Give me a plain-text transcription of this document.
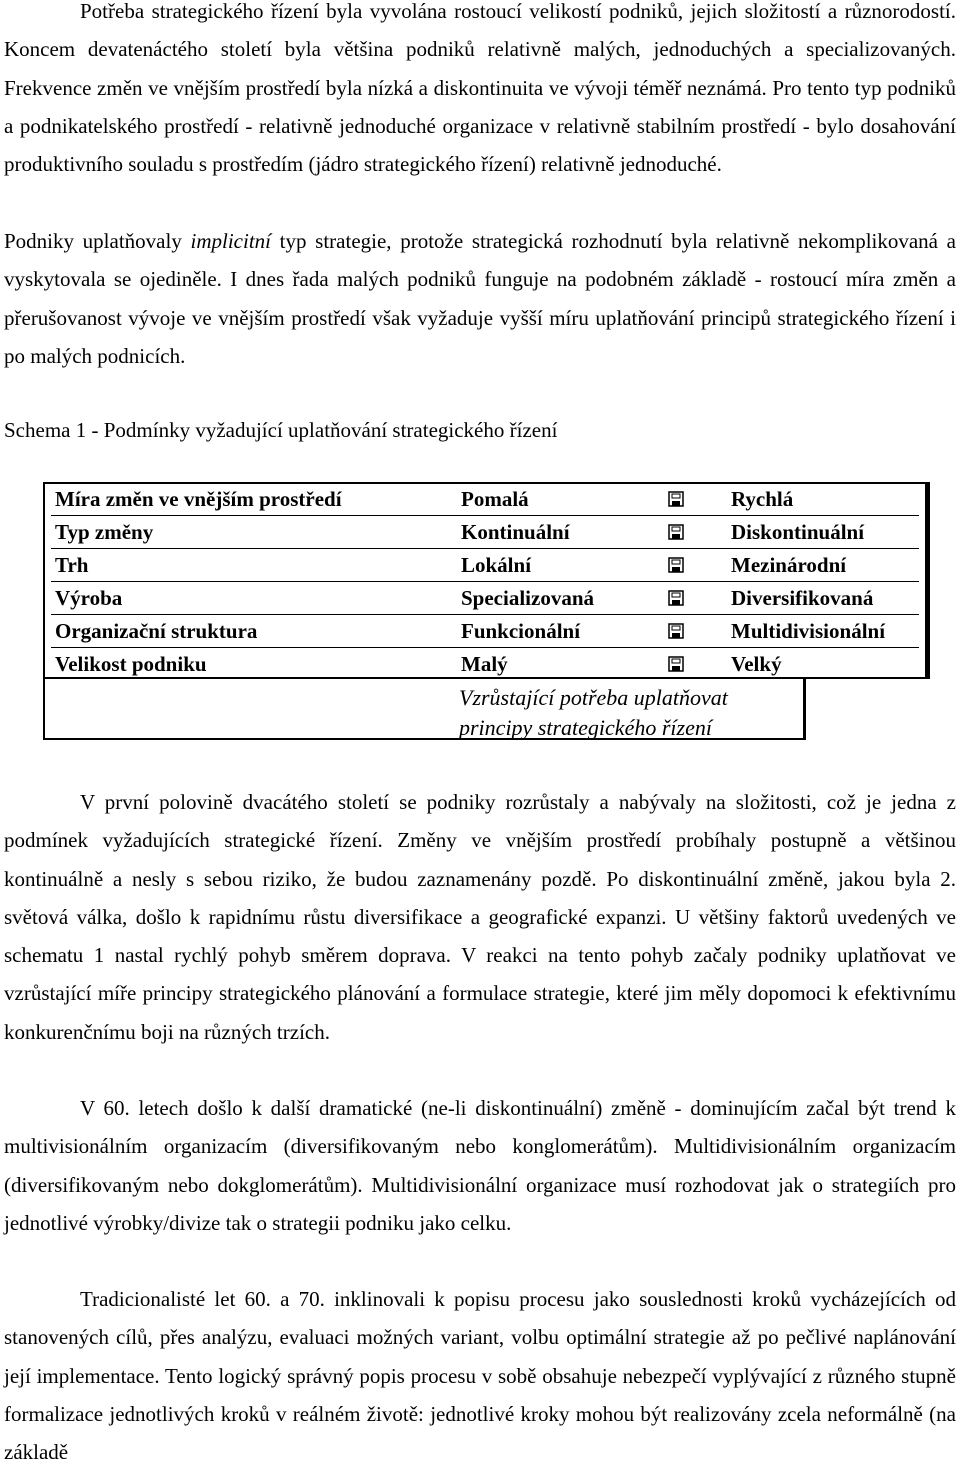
Potřeba strategického řízení byla vyvolána rostoucí velikostí podniků, jejich složitostí a různorodostí. Koncem devatenáctého století byla většina podniků relativně malých, jednoduchých a specializovaných. Frekvence změn ve vnějším prostředí byla nízká a diskontinuita ve vývoji téměř neznámá. Pro tento typ podniků a podnikatelského prostředí - relativně jednoduché organizace v relativně stabilním prostředí - bylo dosahování produktivního souladu s prostředím (jádro strategického řízení) relativně jednoduché.

Podniky uplatňovaly implicitní typ strategie, protože strategická rozhodnutí byla relativně nekomplikovaná a vyskytovala se ojediněle. I dnes řada malých podniků funguje na podobném základě - rostoucí míra změn a přerušovanost vývoje ve vnějším prostředí však vyžaduje vyšší míru uplatňování principů strategického řízení i po malých podnicích.

Schema 1 - Podmínky vyžadující uplatňování strategického řízení

Míra změn ve vnějším prostředí	Pomalá	Rychlá
Typ změny	Kontinuální	Diskontinuální
Trh	Lokální	Mezinárodní
Výroba	Specializovaná	Diversifikovaná
Organizační struktura	Funkcionální	Multidivisionální
Velikost podniku	Malý	Velký
Vzrůstající potřeba uplatňovat
principy strategického řízení

V první polovině dvacátého století se podniky rozrůstaly a nabývaly na složitosti, což je jedna z podmínek vyžadujících strategické řízení. Změny ve vnějším prostředí probíhaly postupně a většinou kontinuálně a nesly s sebou riziko, že budou zaznamenány pozdě. Po diskontinuální změně, jakou byla 2. světová válka, došlo k rapidnímu růstu diversifikace a geografické expanzi. U většiny faktorů uvedených ve schematu 1 nastal rychlý pohyb směrem doprava. V reakci na tento pohyb začaly podniky uplatňovat ve vzrůstající míře principy strategického plánování a formulace strategie, které jim měly dopomoci k efektivnímu konkurenčnímu boji na různých trzích.

V 60. letech došlo k další dramatické (ne-li diskontinuální) změně - dominujícím začal být trend k multivisionálním organizacím (diversifikovaným nebo konglomerátům). Multidivisionálním organizacím (diversifikovaným nebo dokglomerátům). Multidivisionální organizace musí rozhodovat jak o strategiích pro jednotlivé výrobky/divize tak o strategii podniku jako celku.

Tradicionalisté let 60. a 70. inklinovali k popisu procesu jako souslednosti kroků vycházejících od stanovených cílů, přes analýzu, evaluaci možných variant, volbu optimální strategie až po pečlivé naplánování její implementace. Tento logický správný popis procesu v sobě obsahuje nebezpečí vyplývající z různého stupně formalizace jednotlivých kroků v reálném životě: jednotlivé kroky mohou být realizovány zcela neformálně (na základě
